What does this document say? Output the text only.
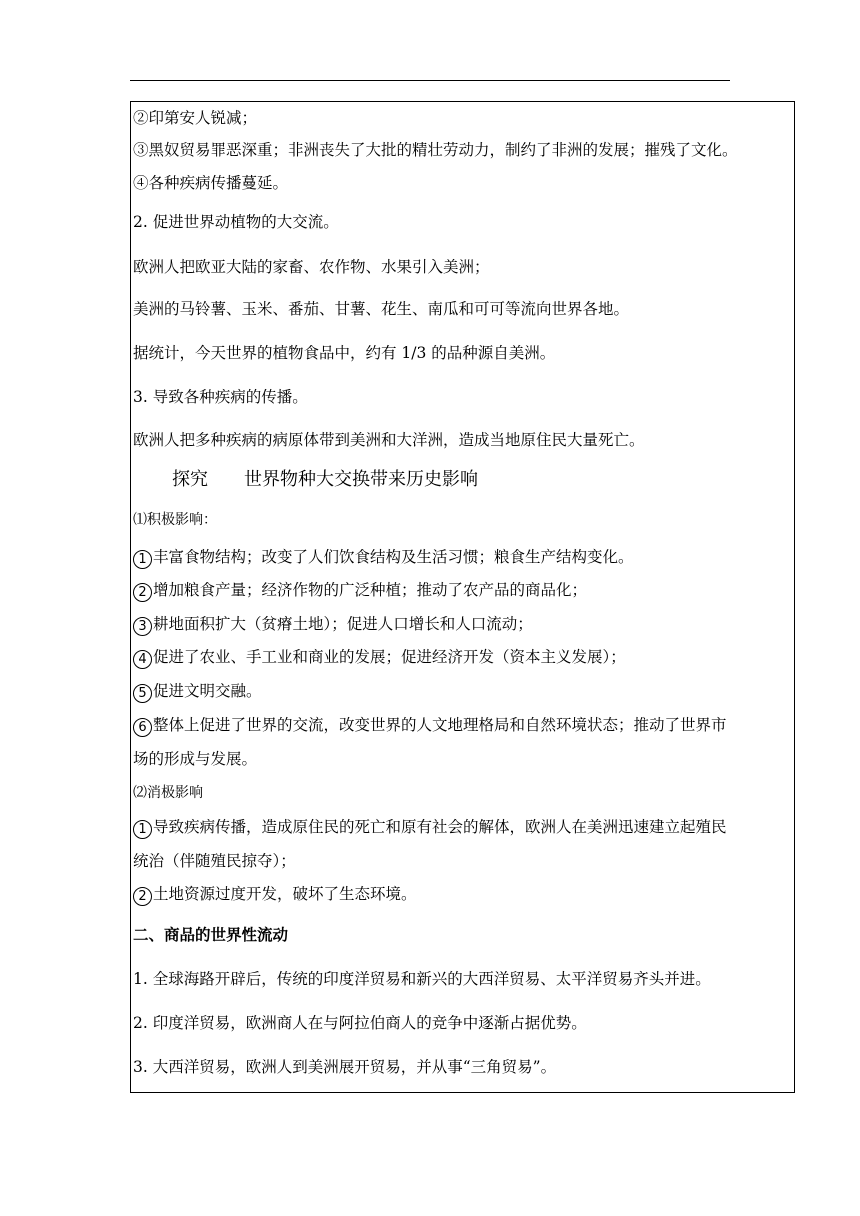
②印第安人锐减；
③黑奴贸易罪恶深重；非洲丧失了大批的精壮劳动力，制约了非洲的发展；摧残了文化。
④各种疾病传播蔓延。
2. 促进世界动植物的大交流。
欧洲人把欧亚大陆的家畜、农作物、水果引入美洲；
美洲的马铃薯、玉米、番茄、甘薯、花生、南瓜和可可等流向世界各地。
据统计，今天世界的植物食品中，约有 1/3 的品种源自美洲。
3. 导致各种疾病的传播。
欧洲人把多种疾病的病原体带到美洲和大洋洲，造成当地原住民大量死亡。
探究 世界物种大交换带来历史影响
⑴积极影响：
1 丰富食物结构；改变了人们饮食结构及生活习惯；粮食生产结构变化。
2 增加粮食产量；经济作物的广泛种植；推动了农产品的商品化；
3 耕地面积扩大（贫瘠土地）；促进人口增长和人口流动；
4 促进了农业、手工业和商业的发展；促进经济开发（资本主义发展）；
5 促进文明交融。
6 整体上促进了世界的交流，改变世界的人文地理格局和自然环境状态；推动了世界市
场的形成与发展。
⑵消极影响
1 导致疾病传播，造成原住民的死亡和原有社会的解体，欧洲人在美洲迅速建立起殖民
统治（伴随殖民掠夺）；
2 土地资源过度开发，破坏了生态环境。
二、商品的世界性流动
1. 全球海路开辟后，传统的印度洋贸易和新兴的大西洋贸易、太平洋贸易齐头并进。
2. 印度洋贸易，欧洲商人在与阿拉伯商人的竞争中逐渐占据优势。
3. 大西洋贸易，欧洲人到美洲展开贸易，并从事“三角贸易”。
